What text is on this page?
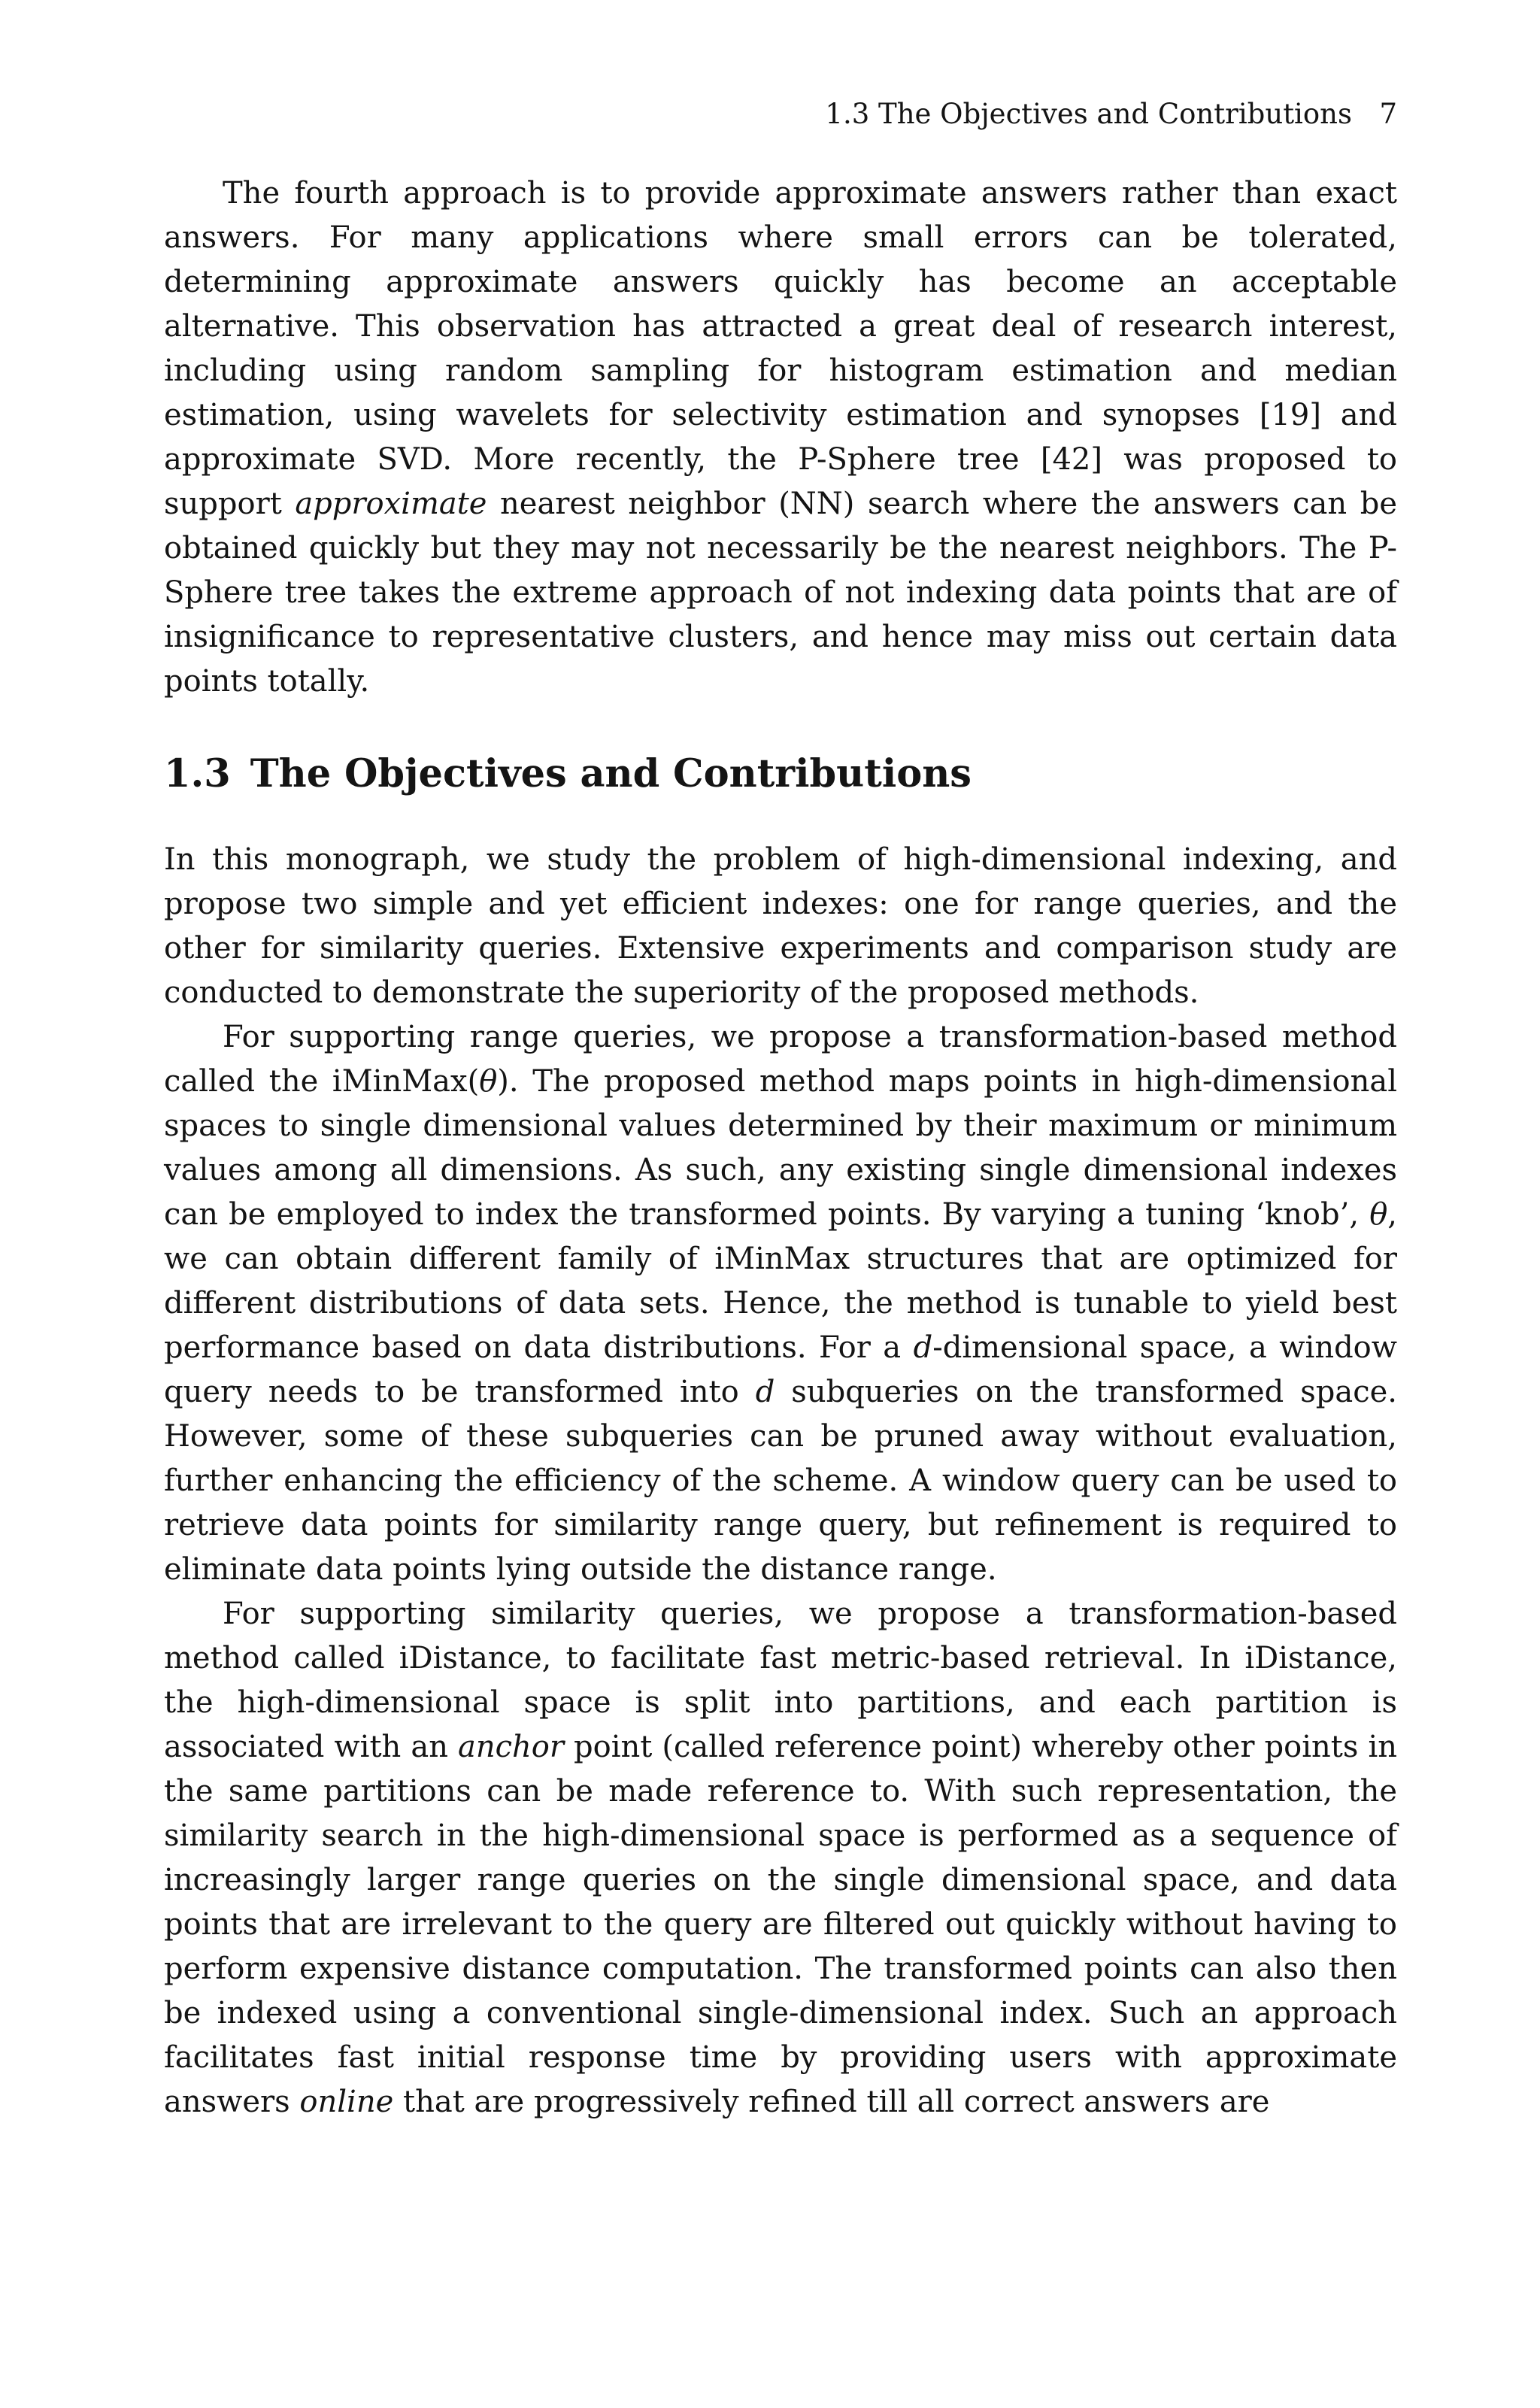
1.3 The Objectives and Contributions 7

The fourth approach is to provide approximate answers rather than exact answers. For many applications where small errors can be tolerated, determining approximate answers quickly has become an acceptable alternative. This observation has attracted a great deal of research interest, including using random sampling for histogram estimation and median estimation, using wavelets for selectivity estimation and synopses [19] and approximate SVD. More recently, the P-Sphere tree [42] was proposed to support approximate nearest neighbor (NN) search where the answers can be obtained quickly but they may not necessarily be the nearest neighbors. The P-Sphere tree takes the extreme approach of not indexing data points that are of insignificance to representative clusters, and hence may miss out certain data points totally.

1.3 The Objectives and Contributions

In this monograph, we study the problem of high-dimensional indexing, and propose two simple and yet efficient indexes: one for range queries, and the other for similarity queries. Extensive experiments and comparison study are conducted to demonstrate the superiority of the proposed methods.

For supporting range queries, we propose a transformation-based method called the iMinMax(θ). The proposed method maps points in high-dimensional spaces to single dimensional values determined by their maximum or minimum values among all dimensions. As such, any existing single dimensional indexes can be employed to index the transformed points. By varying a tuning ‘knob’, θ, we can obtain different family of iMinMax structures that are optimized for different distributions of data sets. Hence, the method is tunable to yield best performance based on data distributions. For a d-dimensional space, a window query needs to be transformed into d subqueries on the transformed space. However, some of these subqueries can be pruned away without evaluation, further enhancing the efficiency of the scheme. A window query can be used to retrieve data points for similarity range query, but refinement is required to eliminate data points lying outside the distance range.

For supporting similarity queries, we propose a transformation-based method called iDistance, to facilitate fast metric-based retrieval. In iDistance, the high-dimensional space is split into partitions, and each partition is associated with an anchor point (called reference point) whereby other points in the same partitions can be made reference to. With such representation, the similarity search in the high-dimensional space is performed as a sequence of increasingly larger range queries on the single dimensional space, and data points that are irrelevant to the query are filtered out quickly without having to perform expensive distance computation. The transformed points can also then be indexed using a conventional single-dimensional index. Such an approach facilitates fast initial response time by providing users with approximate answers online that are progressively refined till all correct answers are
